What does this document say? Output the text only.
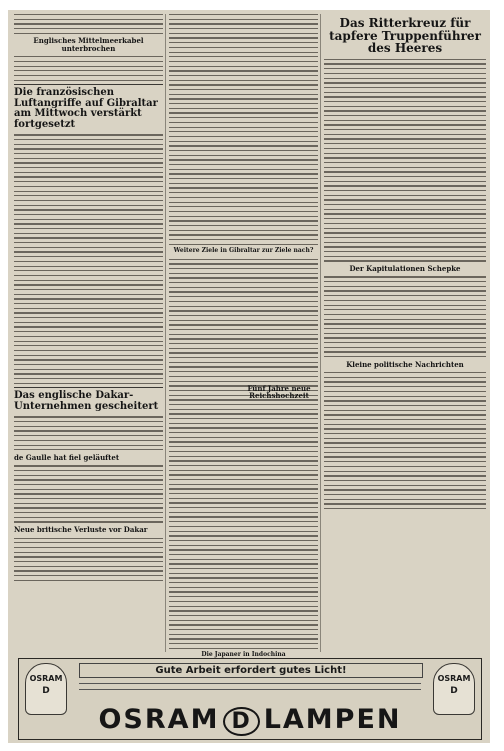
Englisches Mittelmeerkabel unterbrochen
Die französischen Luftangriffe auf Gibraltar am Mittwoch verstärkt fortgesetzt
Das englische Dakar-Unternehmen gescheitert
de Gaulle hat fiel geläuftet
Neue britische Verluste vor Dakar
Weitere Ziele in Gibraltar zur Ziele nach?
Die Japaner in Indochina
Das Ritterkreuz für tapfere Truppenführer des Heeres
Der Kapitulationen Schepke
Kleine politische Nachrichten
Fünf Jahre neue Reichshochzeit
OSRAM
D
OSRAM
D
Gute Arbeit erfordert gutes Licht!
OSRAM D LAMPEN
